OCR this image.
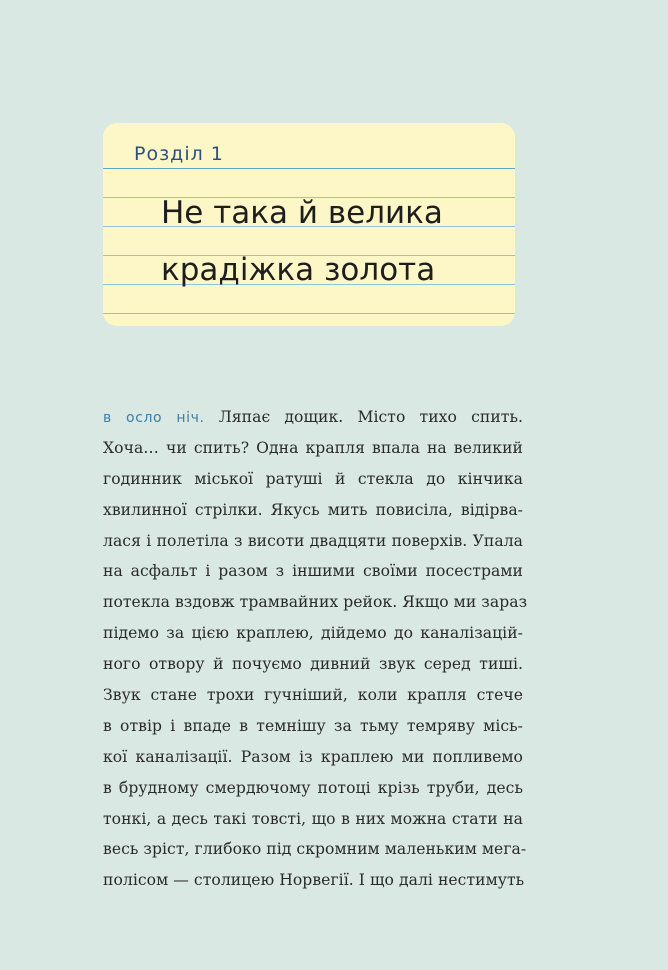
Розділ 1

Не така й велика
крадіжка золота
в осло ніч. Ляпає дощик. Місто тихо спить.
Хоча… чи спить? Одна крапля впала на великий
годинник міської ратуші й стекла до кінчика
хвилинної стрілки. Якусь мить повисіла, відірва-
лася і полетіла з висоти двадцяти поверхів. Упала
на асфальт і разом з іншими своїми посестрами
потекла вздовж трамвайних рейок. Якщо ми зараз
підемо за цією краплею, дійдемо до каналізацій-
ного отвору й почуємо дивний звук серед тиші.
Звук стане трохи гучніший, коли крапля стече
в отвір і впаде в темнішу за тьму темряву місь-
кої каналізації. Разом із краплею ми попливемо
в брудному смердючому потоці крізь труби, десь
тонкі, а десь такі товсті, що в них можна стати на
весь зріст, глибоко під скромним маленьким мега-
полісом — столицею Норвегії. І що далі нестимуть
